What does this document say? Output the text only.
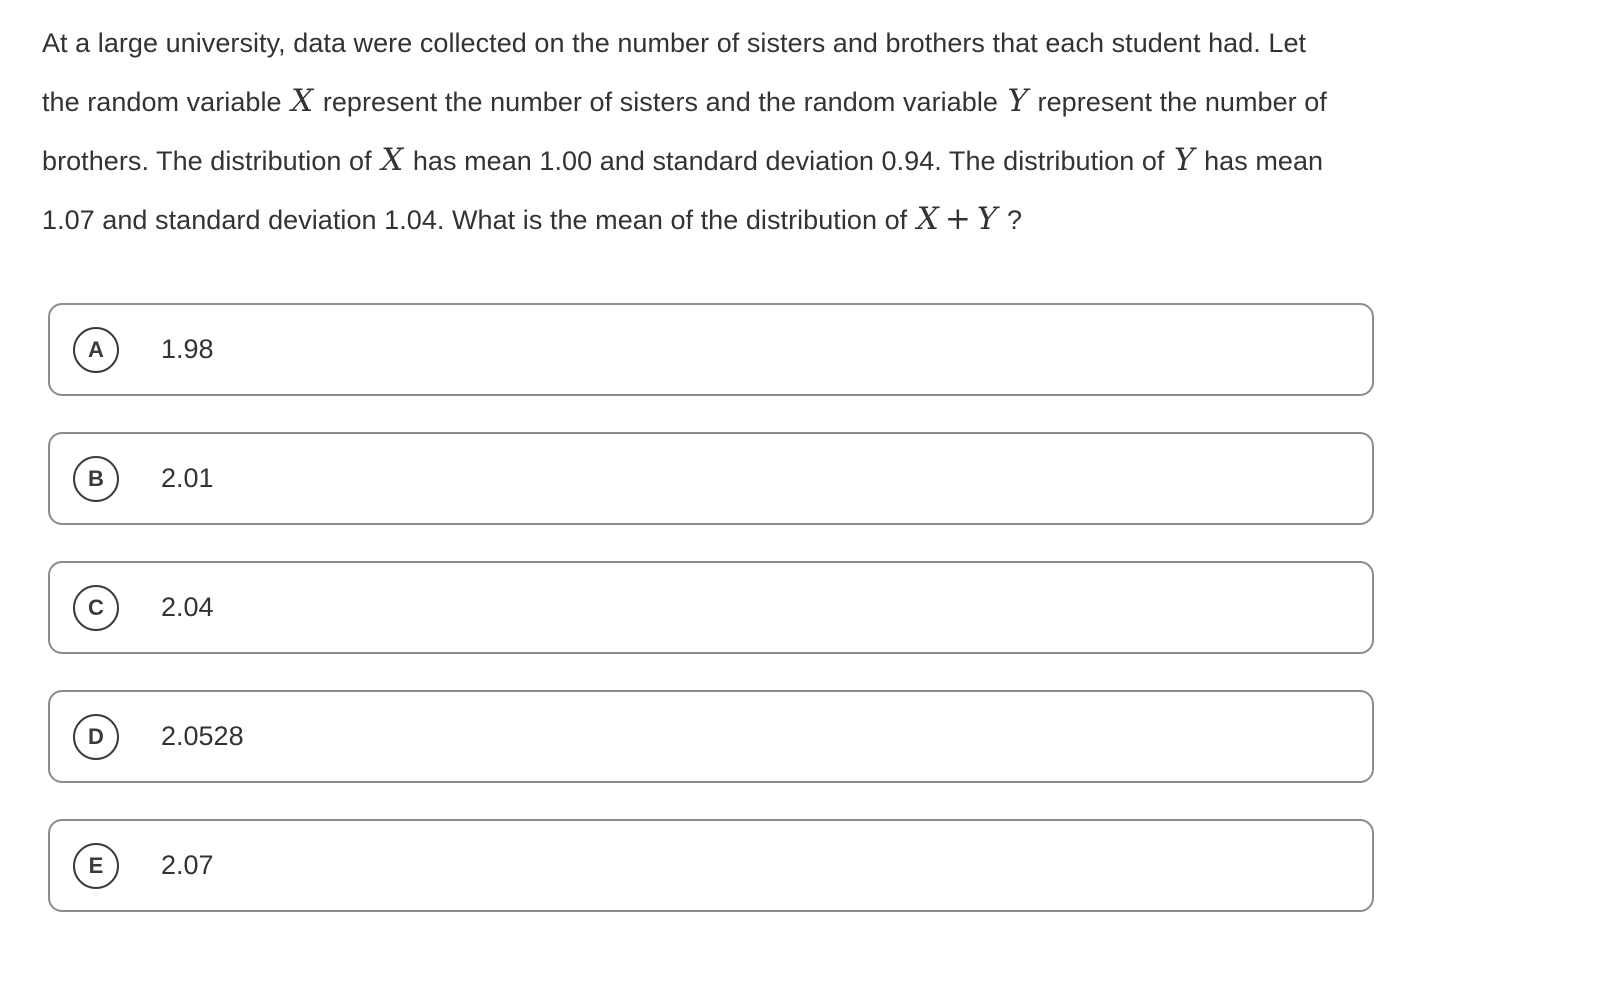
At a large university, data were collected on the number of sisters and brothers that each student had. Let
the random variable X represent the number of sisters and the random variable Y represent the number of
brothers. The distribution of X has mean 1.00 and standard deviation 0.94. The distribution of Y has mean
1.07 and standard deviation 1.04. What is the mean of the distribution of X + Y ?

A	1.98
B	2.01
C	2.04
D	2.0528
E	2.07
